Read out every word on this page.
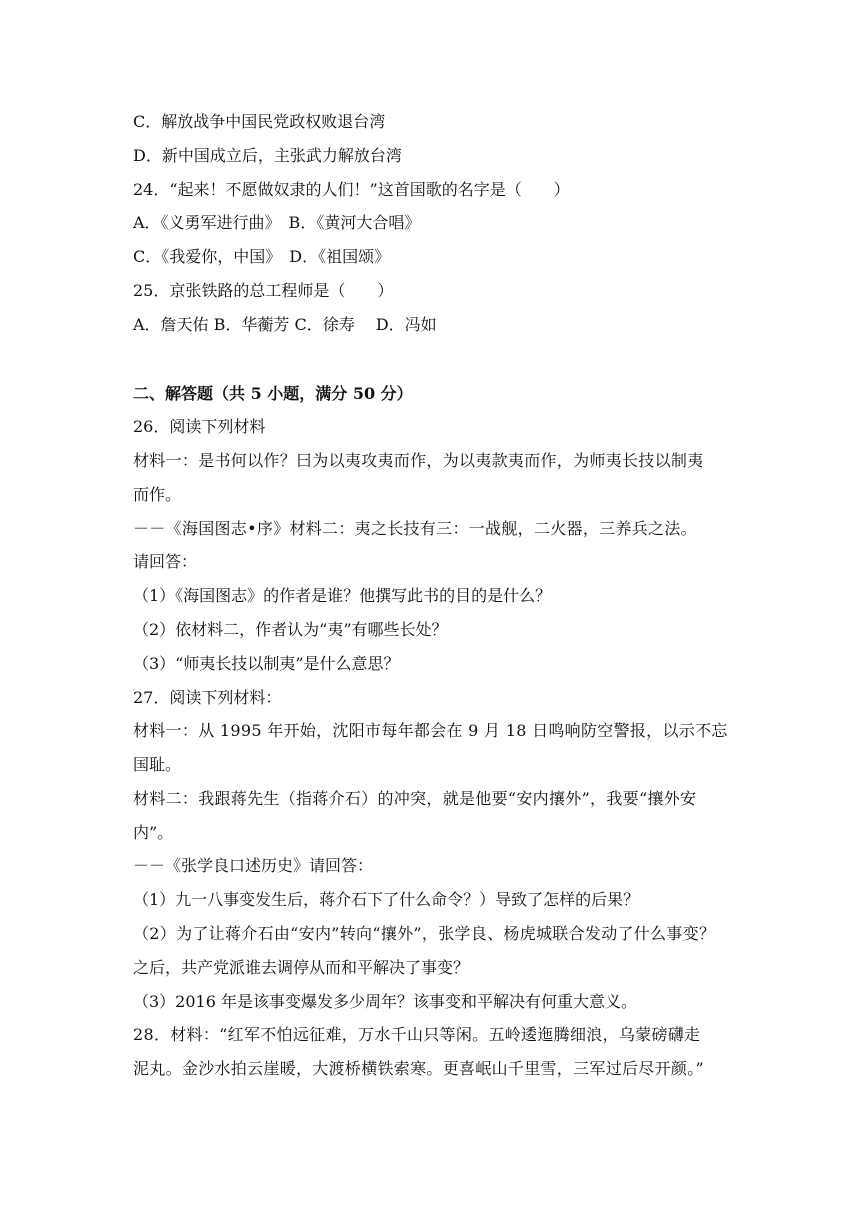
C．解放战争中国民党政权败退台湾
D．新中国成立后，主张武力解放台湾
24．“起来！不愿做奴隶的人们！”这首国歌的名字是（　　）
A．《义勇军进行曲》　B．《黄河大合唱》
C．《我爱你，中国》　D．《祖国颂》
25．京张铁路的总工程师是（　　）
A．詹天佑 B．华蘅芳 C．徐寿　 D．冯如
二、解答题（共 5 小题，满分 50 分）
26．阅读下列材料
材料一：是书何以作？曰为以夷攻夷而作，为以夷款夷而作，为师夷长技以制夷
而作。
－－《海国图志•序》材料二：夷之长技有三：一战舰，二火器，三养兵之法。
请回答：
（1）《海国图志》的作者是谁？他撰写此书的目的是什么？
（2）依材料二，作者认为“夷”有哪些长处？
（3）“师夷长技以制夷”是什么意思？
27．阅读下列材料：
材料一：从 1995 年开始，沈阳市每年都会在 9 月 18 日鸣响防空警报，以示不忘
国耻。
材料二：我跟蒋先生（指蒋介石）的冲突，就是他要“安内攘外”，我要“攘外安
内”。
－－《张学良口述历史》请回答：
（1）九一八事变发生后，蒋介石下了什么命令？）导致了怎样的后果？
（2）为了让蒋介石由“安内”转向“攘外”，张学良、杨虎城联合发动了什么事变？
之后，共产党派谁去调停从而和平解决了事变？
（3）2016 年是该事变爆发多少周年？该事变和平解决有何重大意义。
28．材料：“红军不怕远征难，万水千山只等闲。五岭逶迤腾细浪，乌蒙磅礴走
泥丸。金沙水拍云崖暖，大渡桥横铁索寒。更喜岷山千里雪，三军过后尽开颜。”
